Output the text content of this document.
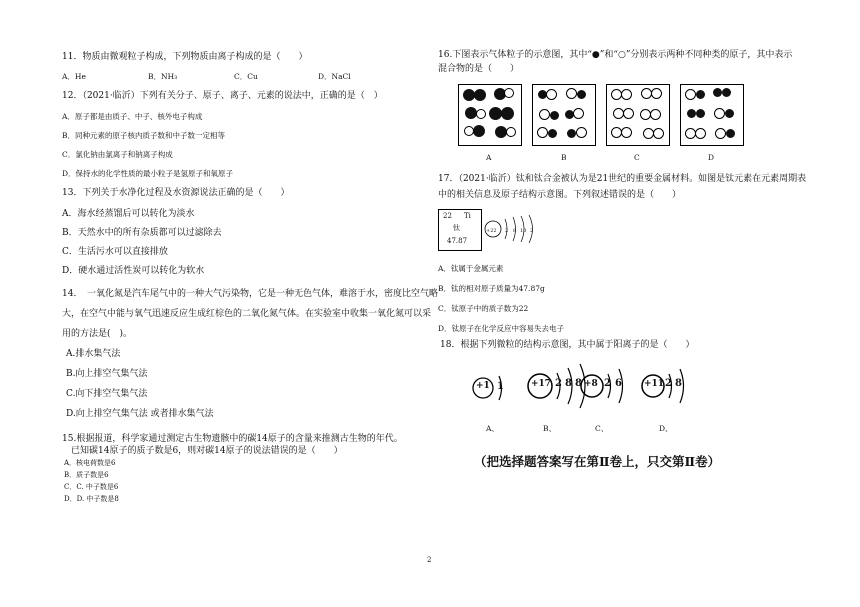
11．物质由微观粒子构成，下列物质由离子构成的是（　　）
A．He	B．NH₃	C．Cu	D．NaCl
12．（2021·临沂）下列有关分子、原子、离子、元素的说法中，正确的是（　）
A．原子都是由质子、中子、核外电子构成
B．同种元素的原子核内质子数和中子数一定相等
C．氯化钠由氯离子和钠离子构成
D．保持水的化学性质的最小粒子是氢原子和氧原子
13．下列关于水净化过程及水资源说法正确的是（　　）
A．海水经蒸馏后可以转化为淡水
B．天然水中的所有杂质都可以过滤除去
C．生活污水可以直接排放
D．硬水通过活性炭可以转化为软水
14．　一氧化氮是汽车尾气中的一种大气污染物，它是一种无色气体，难溶于水，密度比空气略
大，在空气中能与氧气迅速反应生成红棕色的二氧化氮气体。在实验室中收集一氧化氮可以采
用的方法是(　)。
A.排水集气法
B.向上排空气集气法
C.向下排空气集气法
D.向上排空气集气法 或者排水集气法
15.根据报道，科学家通过测定古生物遗骸中的碳14原子的含量来推测古生物的年代。
　已知碳14原子的质子数是6，则对碳14原子的说法错误的是（　　）
A．核电荷数是6
B．质子数是6
C．C. 中子数是6
D．D. 中子数是8
16.下图表示气体粒子的示意图，其中“●”和“○”分别表示两种不同种类的原子，其中表示
混合物的是（　　）
A	B	C	D
17．（2021·临沂）钛和钛合金被认为是21世纪的重要金属材料。如图是钛元素在元素周期表
中的相关信息及原子结构示意图。下列叙述错误的是（　　）
22 Ti
钛
47.87
+22 2 8 10 2
A．钛属于金属元素
B．钛的相对原子质量为47.87g
C．钛原子中的质子数为22
D．钛原子在化学反应中容易失去电子
18．根据下列微粒的结构示意图，其中属于阳离子的是（　　）
+1 1	+17 2 8 8 +8 2 6 +11 2 8
A、	B、	C、	D、
（把选择题答案写在第Ⅱ卷上，只交第Ⅱ卷）
2
